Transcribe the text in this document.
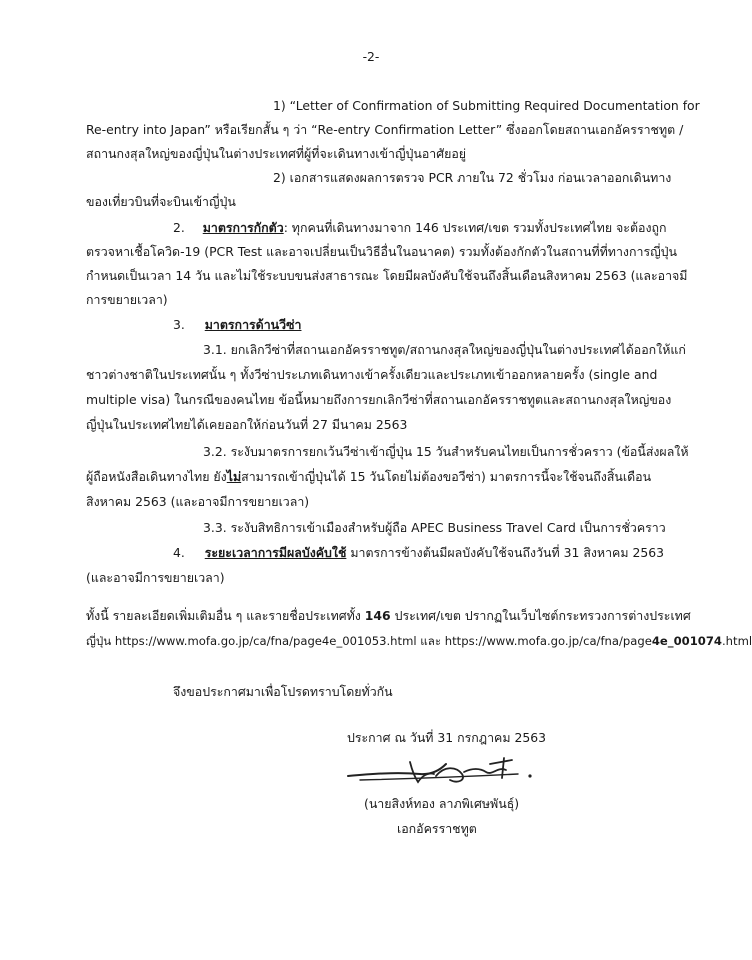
-2-
1) “Letter of Confirmation of Submitting Required Documentation for
Re-entry into Japan” หรือเรียกสั้น ๆ ว่า “Re-entry Confirmation Letter” ซึ่งออกโดยสถานเอกอัครราชทูต /
สถานกงสุลใหญ่ของญี่ปุ่นในต่างประเทศที่ผู้ที่จะเดินทางเข้าญี่ปุ่นอาศัยอยู่
2) เอกสารแสดงผลการตรวจ PCR ภายใน 72 ชั่วโมง ก่อนเวลาออกเดินทาง
ของเที่ยวบินที่จะบินเข้าญี่ปุ่น
2. มาตรการกักตัว: ทุกคนที่เดินทางมาจาก 146 ประเทศ/เขต รวมทั้งประเทศไทย จะต้องถูก
ตรวจหาเชื้อโควิด-19 (PCR Test และอาจเปลี่ยนเป็นวิธีอื่นในอนาคต) รวมทั้งต้องกักตัวในสถานที่ที่ทางการญี่ปุ่น
กำหนดเป็นเวลา 14 วัน และไม่ใช้ระบบขนส่งสาธารณะ โดยมีผลบังคับใช้จนถึงสิ้นเดือนสิงหาคม 2563 (และอาจมี
การขยายเวลา)
3. มาตรการด้านวีซ่า
3.1. ยกเลิกวีซ่าที่สถานเอกอัครราชทูต/สถานกงสุลใหญ่ของญี่ปุ่นในต่างประเทศได้ออกให้แก่
ชาวต่างชาติในประเทศนั้น ๆ ทั้งวีซ่าประเภทเดินทางเข้าครั้งเดียวและประเภทเข้าออกหลายครั้ง (single and
multiple visa) ในกรณีของคนไทย ข้อนี้หมายถึงการยกเลิกวีซ่าที่สถานเอกอัครราชทูตและสถานกงสุลใหญ่ของ
ญี่ปุ่นในประเทศไทยได้เคยออกให้ก่อนวันที่ 27 มีนาคม 2563
3.2. ระงับมาตรการยกเว้นวีซ่าเข้าญี่ปุ่น 15 วันสำหรับคนไทยเป็นการชั่วคราว (ข้อนี้ส่งผลให้
ผู้ถือหนังสือเดินทางไทย ยังไม่สามารถเข้าญี่ปุ่นได้ 15 วันโดยไม่ต้องขอวีซ่า) มาตรการนี้จะใช้จนถึงสิ้นเดือน
สิงหาคม 2563 (และอาจมีการขยายเวลา)
3.3. ระงับสิทธิการเข้าเมืองสำหรับผู้ถือ APEC Business Travel Card เป็นการชั่วคราว
4. ระยะเวลาการมีผลบังคับใช้ มาตรการข้างต้นมีผลบังคับใช้จนถึงวันที่ 31 สิงหาคม 2563
(และอาจมีการขยายเวลา)
ทั้งนี้ รายละเอียดเพิ่มเติมอื่น ๆ และรายชื่อประเทศทั้ง 146 ประเทศ/เขต ปรากฏในเว็บไซต์กระทรวงการต่างประเทศ
ญี่ปุ่น https://www.mofa.go.jp/ca/fna/page4e_001053.html และ https://www.mofa.go.jp/ca/fna/page4e_001074.html
จึงขอประกาศมาเพื่อโปรดทราบโดยทั่วกัน
ประกาศ ณ วันที่ 31 กรกฎาคม 2563
(นายสิงห์ทอง ลาภพิเศษพันธุ์)
เอกอัครราชทูต
